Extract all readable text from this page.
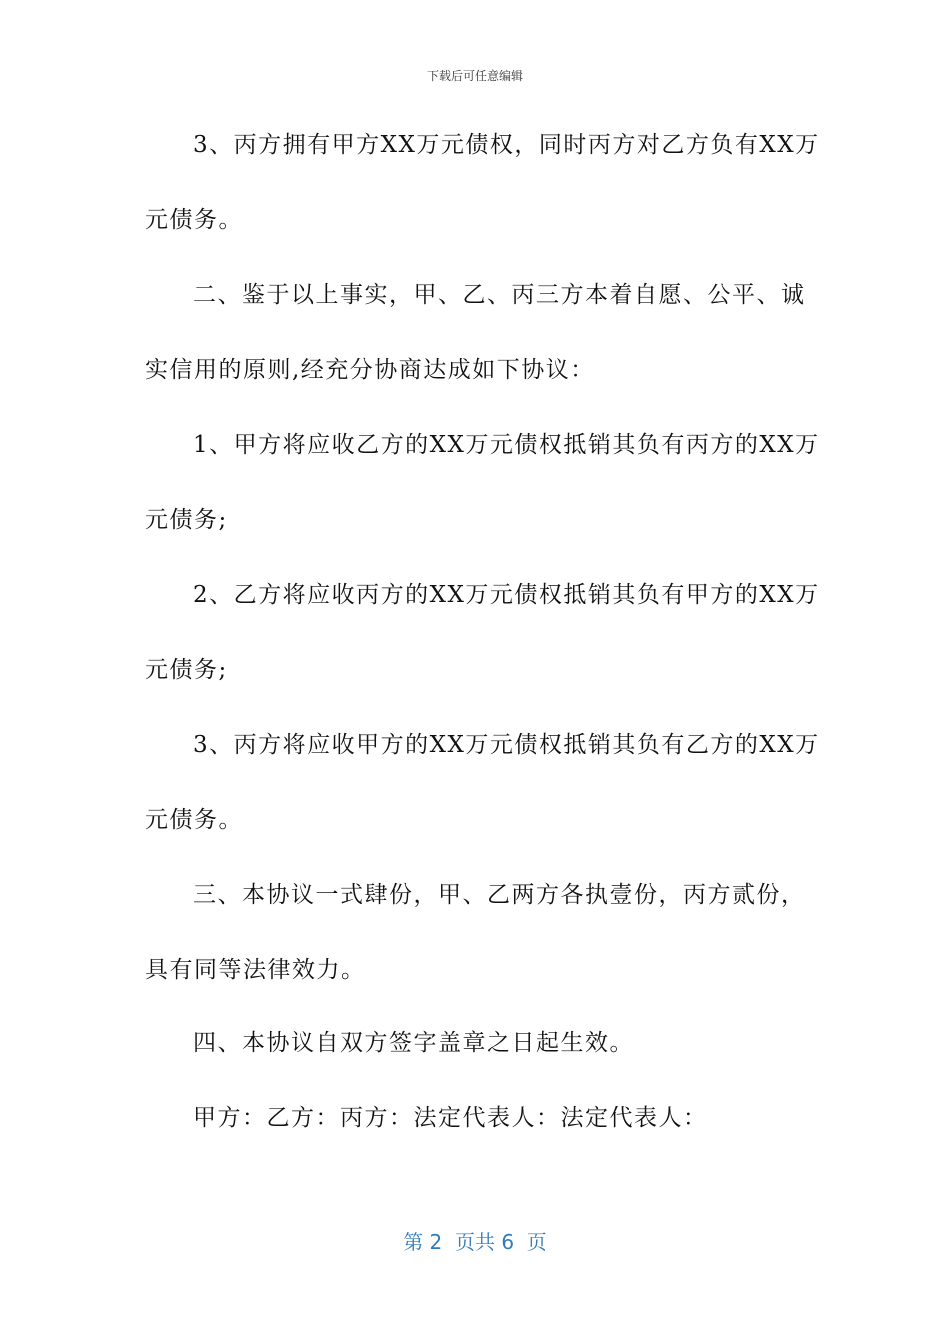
下载后可任意编辑

3、丙方拥有甲方XX万元债权，同时丙方对乙方负有XX万

元债务。

二、鉴于以上事实，甲、乙、丙三方本着自愿、公平、诚

实信用的原则,经充分协商达成如下协议：

1、甲方将应收乙方的XX万元债权抵销其负有丙方的XX万

元债务;

2、乙方将应收丙方的XX万元债权抵销其负有甲方的XX万

元债务;

3、丙方将应收甲方的XX万元债权抵销其负有乙方的XX万

元债务。

三、本协议一式肆份，甲、乙两方各执壹份，丙方贰份，

具有同等法律效力。

四、本协议自双方签字盖章之日起生效。

甲方：乙方：丙方：法定代表人：法定代表人：

第 2  页共 6  页
